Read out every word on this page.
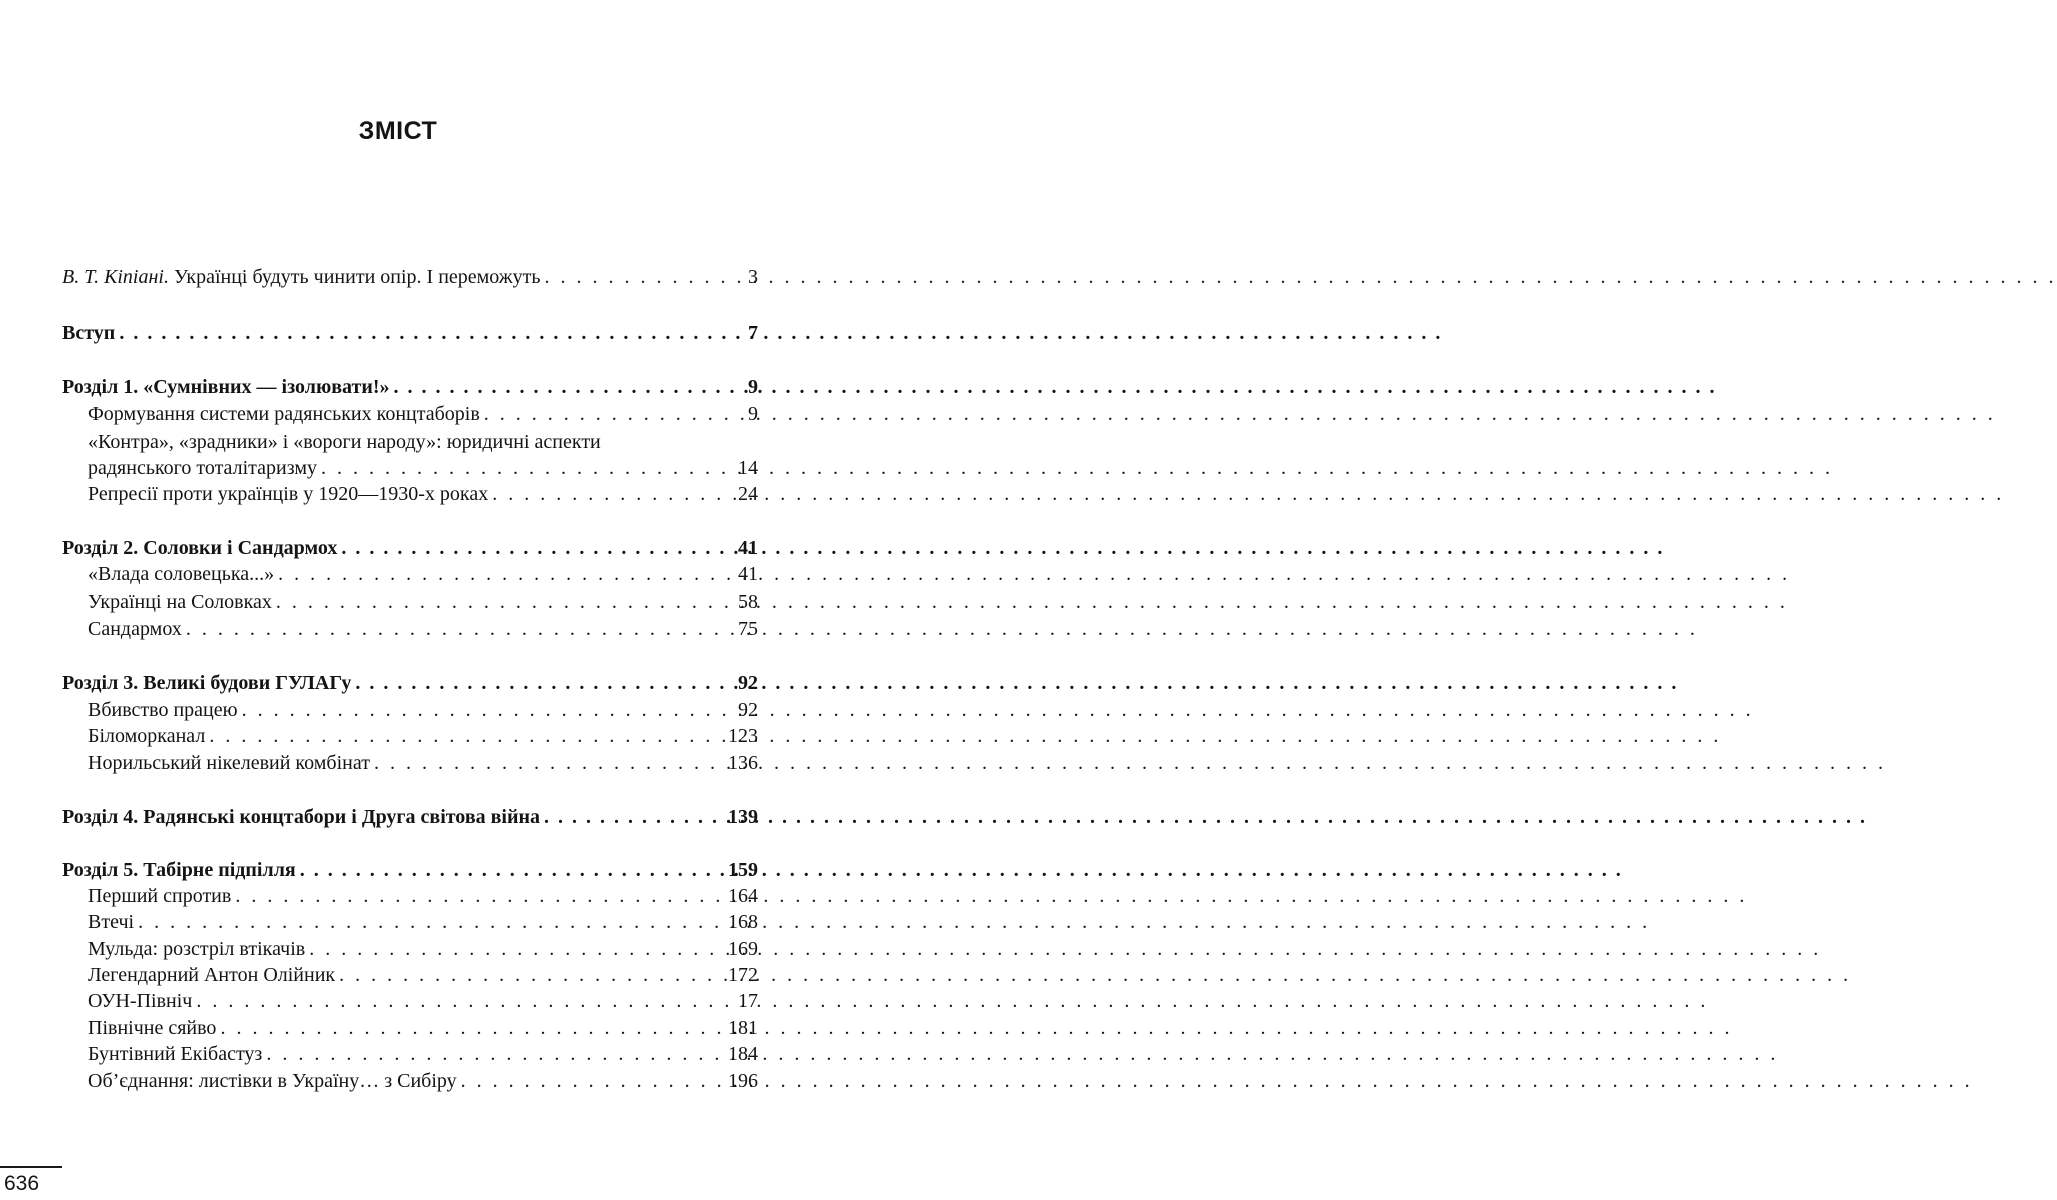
ЗМІСТ
В. Т. Кіпіані. Українці будуть чинити опір. І переможуть . . .	3
Вступ . . .	7
Розділ 1. «Сумнівних — ізолювати!» . . .	9
Формування системи радянських концтаборів . . .	9
«Контра», «зрадники» і «вороги народу»: юридичні аспекти
радянського тоталітаризму . . .	14
Репресії проти українців у 1920—1930-х роках . . .	24
Розділ 2. Соловки і Сандармох . . .	41
«Влада соловецька...» . . .	41
Українці на Соловках . . .	58
Сандармох . . .	75
Розділ 3. Великі будови ГУЛАГу . . .	92
Вбивство працею . . .	92
Біломорканал . . .	123
Норильський нікелевий комбінат . . .	136
Розділ 4. Радянські концтабори і Друга світова війна . . .	139
Розділ 5. Табірне підпілля . . .	159
Перший спротив . . .	164
Втечі . . .	168
Мульда: розстріл втікачів . . .	169
Легендарний Антон Олійник . . .	172
ОУН-Північ . . .	17
Північне сяйво . . .	181
Бунтівний Екібастуз . . .	184
Об’єднання: листівки в Україну… з Сибіру . . .	196
636
